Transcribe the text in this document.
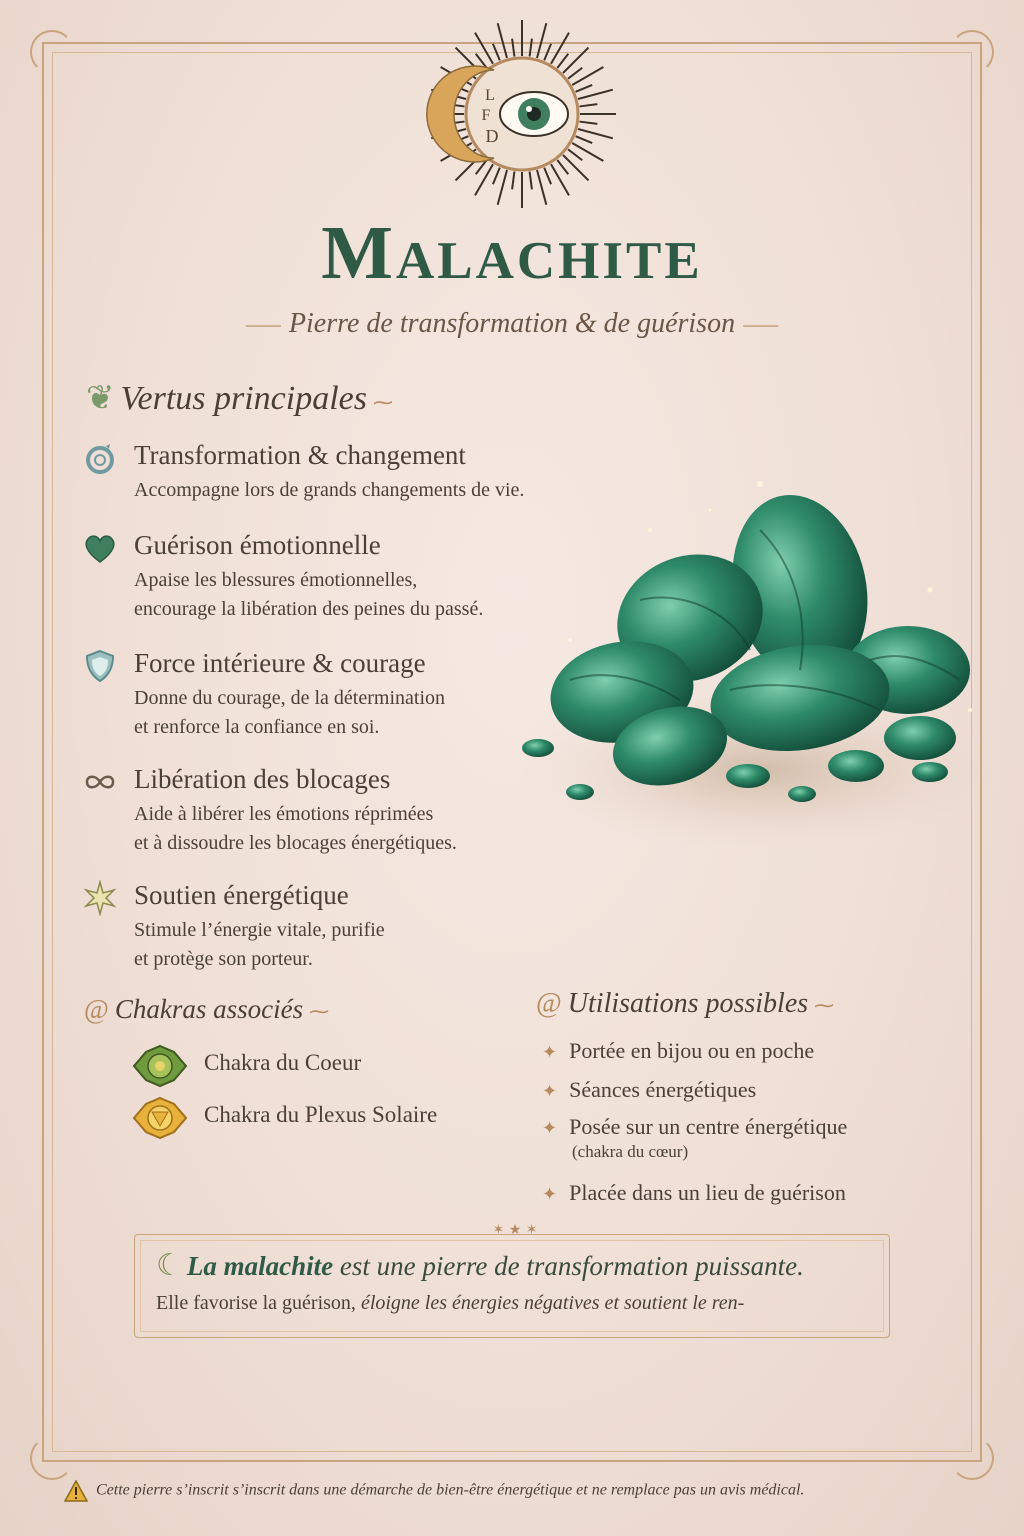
L
F
D
Malachite
⸺ Pierre de transformation & de guérison ⸺
❦ Vertus principales ⁓
Transformation & changement
Accompagne lors de grands changements de vie.
Guérison émotionnelle
Apaise les blessures émotionnelles,
encourage la libération des peines du passé.
Force intérieure & courage
Donne du courage, de la détermination
et renforce la confiance en soi.
Libération des blocages
Aide à libérer les émotions réprimées
et à dissoudre les blocages énergétiques.
Soutien énergétique
Stimule l’énergie vitale, purifie
et protège son porteur.
@ Chakras associés ⁓
Chakra du Coeur
Chakra du Plexus Solaire
@ Utilisations possibles ⁓
✦ Portée en bijou ou en poche
✦ Séances énergétiques
✦ Posée sur un centre énergétique
(chakra du cœur)
✦ Placée dans un lieu de guérison
✶ ★ ✶
☾ La malachite est une pierre de transformation puissante.
Elle favorise la guérison, éloigne les énergies négatives et soutient le ren-
Cette pierre s’inscrit s’inscrit dans une démarche de bien-être énergétique et ne remplace pas un avis médical.
